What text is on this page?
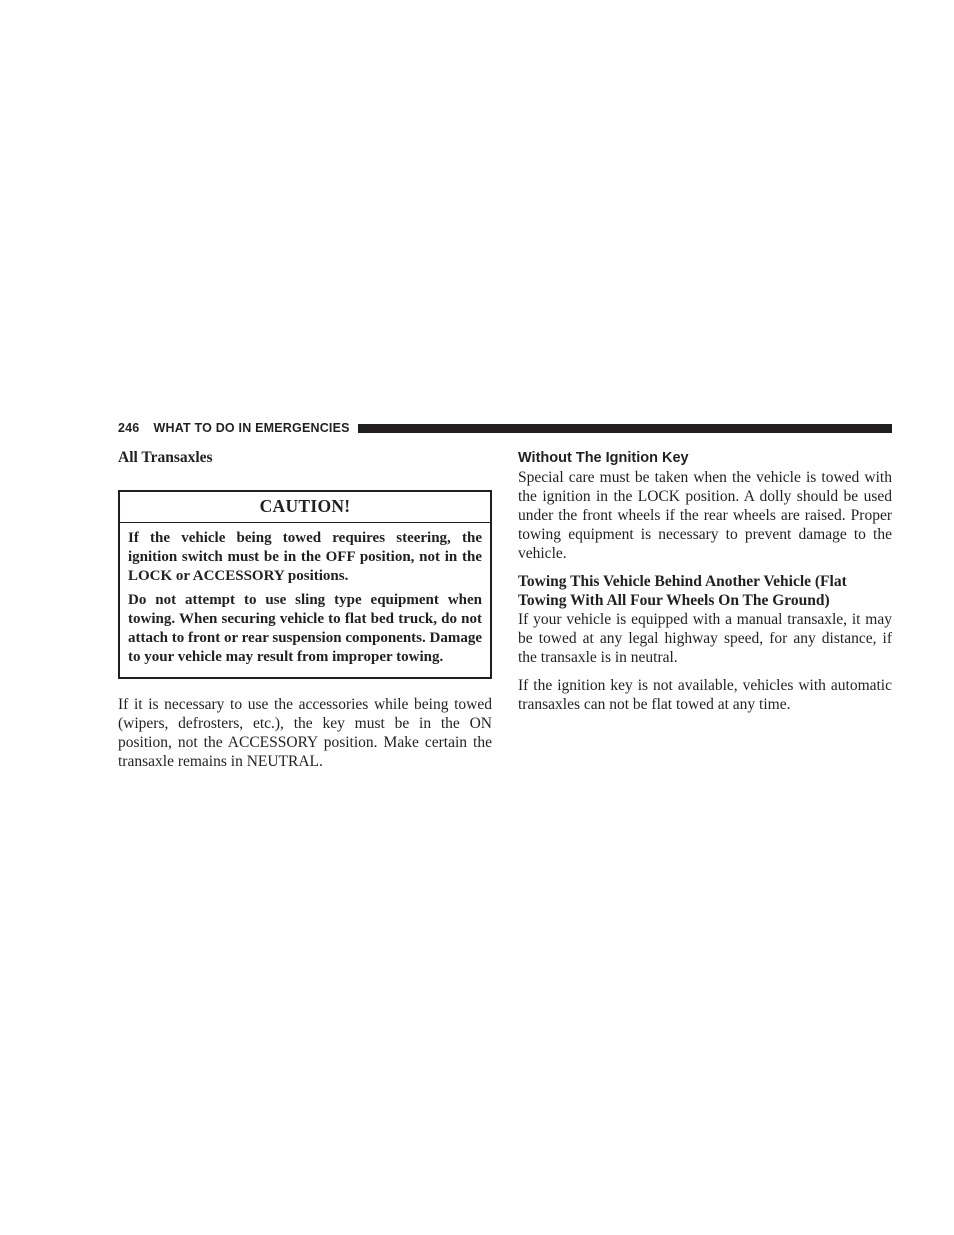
246 WHAT TO DO IN EMERGENCIES
All Transaxles
CAUTION!

If the vehicle being towed requires steering, the ignition switch must be in the OFF position, not in the LOCK or ACCESSORY positions.

Do not attempt to use sling type equipment when towing. When securing vehicle to flat bed truck, do not attach to front or rear suspension components. Damage to your vehicle may result from improper towing.

If it is necessary to use the accessories while being towed (wipers, defrosters, etc.), the key must be in the ON position, not the ACCESSORY position. Make certain the transaxle remains in NEUTRAL.

Without The Ignition Key

Special care must be taken when the vehicle is towed with the ignition in the LOCK position. A dolly should be used under the front wheels if the rear wheels are raised. Proper towing equipment is necessary to prevent damage to the vehicle.

Towing This Vehicle Behind Another Vehicle (Flat Towing With All Four Wheels On The Ground)

If your vehicle is equipped with a manual transaxle, it may be towed at any legal highway speed, for any distance, if the transaxle is in neutral.

If the ignition key is not available, vehicles with automatic transaxles can not be flat towed at any time.
